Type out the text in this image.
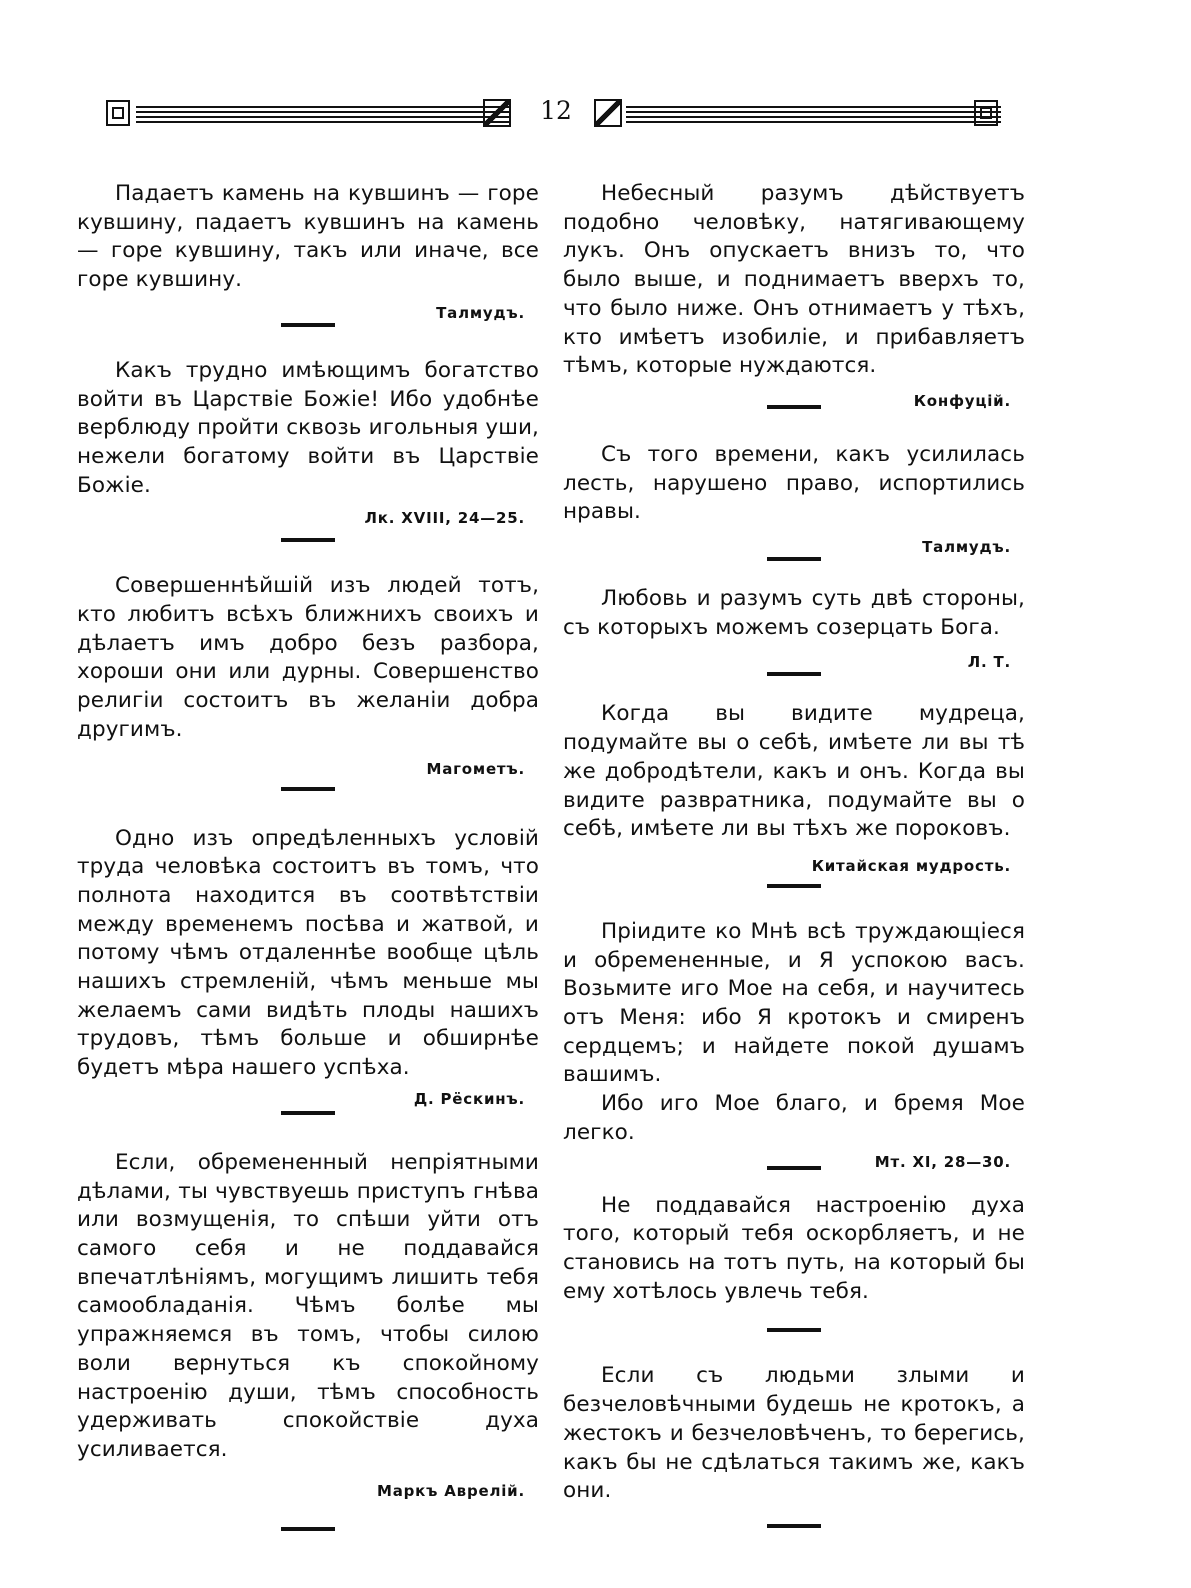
12

Падаетъ камень на кувшинъ — горе кувшину, падаетъ кувшинъ на камень — горе кувшину, такъ или иначе, все горе кувшину.

Талмудъ.

Какъ трудно имѣющимъ богатство войти въ Царствіе Божіе! Ибо удобнѣе верблюду пройти сквозь игольныя уши, нежели богатому войти въ Царствіе Божіе.

Лк. XVIII, 24—25.

Совершеннѣйшій изъ людей тотъ, кто любитъ всѣхъ ближнихъ своихъ и дѣлаетъ имъ добро безъ разбора, хороши они или дурны. Совершенство религіи состоитъ въ желаніи добра другимъ.

Магометъ.

Одно изъ опредѣленныхъ условій труда человѣка состоитъ въ томъ, что полнота находится въ соотвѣтствіи между временемъ посѣва и жатвой, и потому чѣмъ отдаленнѣе вообще цѣль нашихъ стремленій, чѣмъ меньше мы желаемъ сами видѣть плоды нашихъ трудовъ, тѣмъ больше и обширнѣе будетъ мѣра нашего успѣха.

Д. Рёскинъ.

Если, обремененный непріятными дѣлами, ты чувствуешь приступъ гнѣва или возмущенія, то спѣши уйти отъ самого себя и не поддавайся впечатлѣніямъ, могущимъ лишить тебя самообладанія. Чѣмъ болѣе мы упражняемся въ томъ, чтобы силою воли вернуться къ спокойному настроенію души, тѣмъ способность удерживать спокойствіе духа усиливается.

Маркъ Аврелій.

Небесный разумъ дѣйствуетъ подобно человѣку, натягивающему лукъ. Онъ опускаетъ внизъ то, что было выше, и поднимаетъ вверхъ то, что было ниже. Онъ отнимаетъ у тѣхъ, кто имѣетъ изобиліе, и прибавляетъ тѣмъ, которые нуждаются.

Конфуцій.

Съ того времени, какъ усилилась лесть, нарушено право, испортились нравы.

Талмудъ.

Любовь и разумъ суть двѣ стороны, съ которыхъ можемъ созерцать Бога.

Л. Т.

Когда вы видите мудреца, подумайте вы о себѣ, имѣете ли вы тѣ же добродѣтели, какъ и онъ. Когда вы видите развратника, подумайте вы о себѣ, имѣете ли вы тѣхъ же пороковъ.

Китайская мудрость.

Пріидите ко Мнѣ всѣ труждающіеся и обремененные, и Я успокою васъ. Возьмите иго Мое на себя, и научитесь отъ Меня: ибо Я кротокъ и смиренъ сердцемъ; и найдете покой душамъ вашимъ.

Ибо иго Мое благо, и бремя Мое легко.

Мт. XI, 28—30.

Не поддавайся настроенію духа того, который тебя оскорбляетъ, и не становись на тотъ путь, на который бы ему хотѣлось увлечь тебя.

Если съ людьми злыми и безчеловѣчными будешь не кротокъ, а жестокъ и безчеловѣченъ, то берегись, какъ бы не сдѣлаться такимъ же, какъ они.
